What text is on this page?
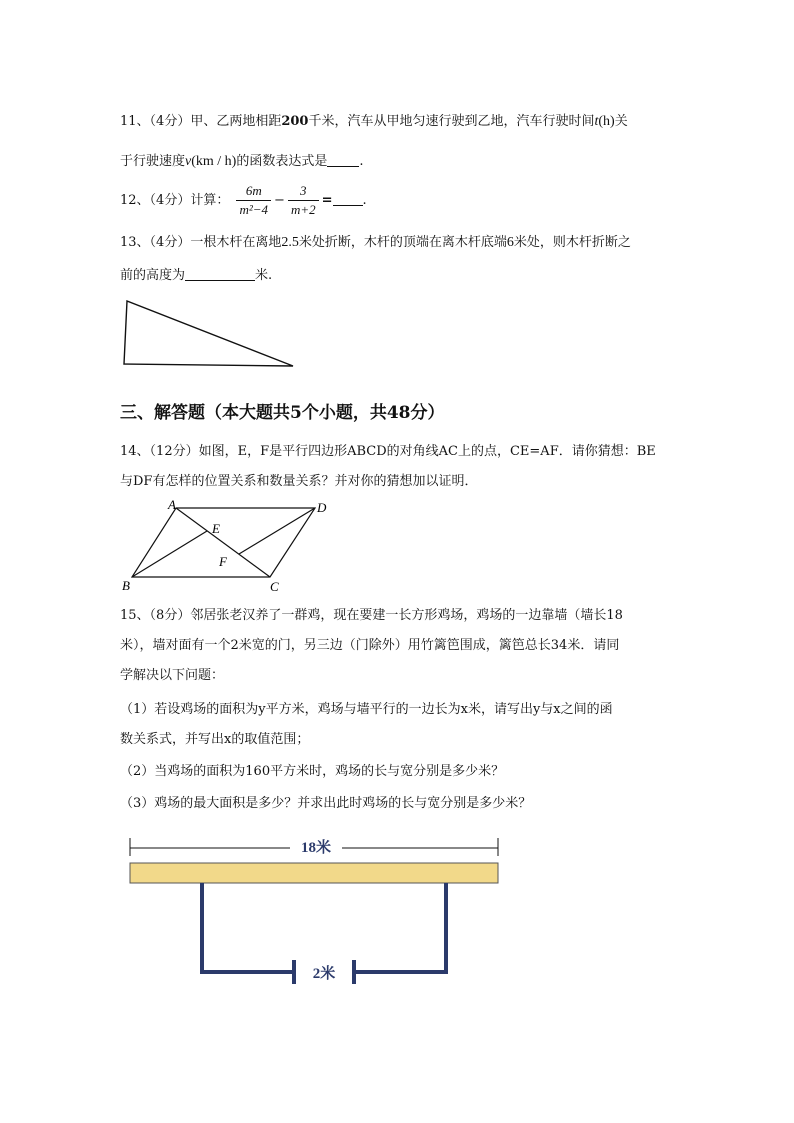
11、（4分）甲、乙两地相距200千米，汽车从甲地匀速行驶到乙地，汽车行驶时间t(h)关
于行驶速度v(km / h)的函数表达式是 .
12、（4分）计算： $\frac{6m}{\text{m²−4}} - \frac{3}{m+2}$ = .
13、（4分）一根木杆在离地2.5米处折断，木杆的顶端在离木杆底端6米处，则木杆折断之
前的高度为	米.
三、解答题（本大题共5个小题，共48分）
14、（12分）如图，E，F是平行四边形ABCD的对角线AC上的点，CE=AF．请你猜想：BE
与DF有怎样的位置关系和数量关系？并对你的猜想加以证明．
A	D
B	C
E
F
15、（8分）邻居张老汉养了一群鸡，现在要建一长方形鸡场，鸡场的一边靠墙（墙长18
米），墙对面有一个2米宽的门，另三边（门除外）用竹篱笆围成，篱笆总长34米．请同
学解决以下问题：
（1）若设鸡场的面积为y平方米，鸡场与墙平行的一边长为x米，请写出y与x之间的函
数关系式，并写出x的取值范围；
（2）当鸡场的面积为160平方米时，鸡场的长与宽分别是多少米？
（3）鸡场的最大面积是多少？并求出此时鸡场的长与宽分别是多少米？
18米
2米
